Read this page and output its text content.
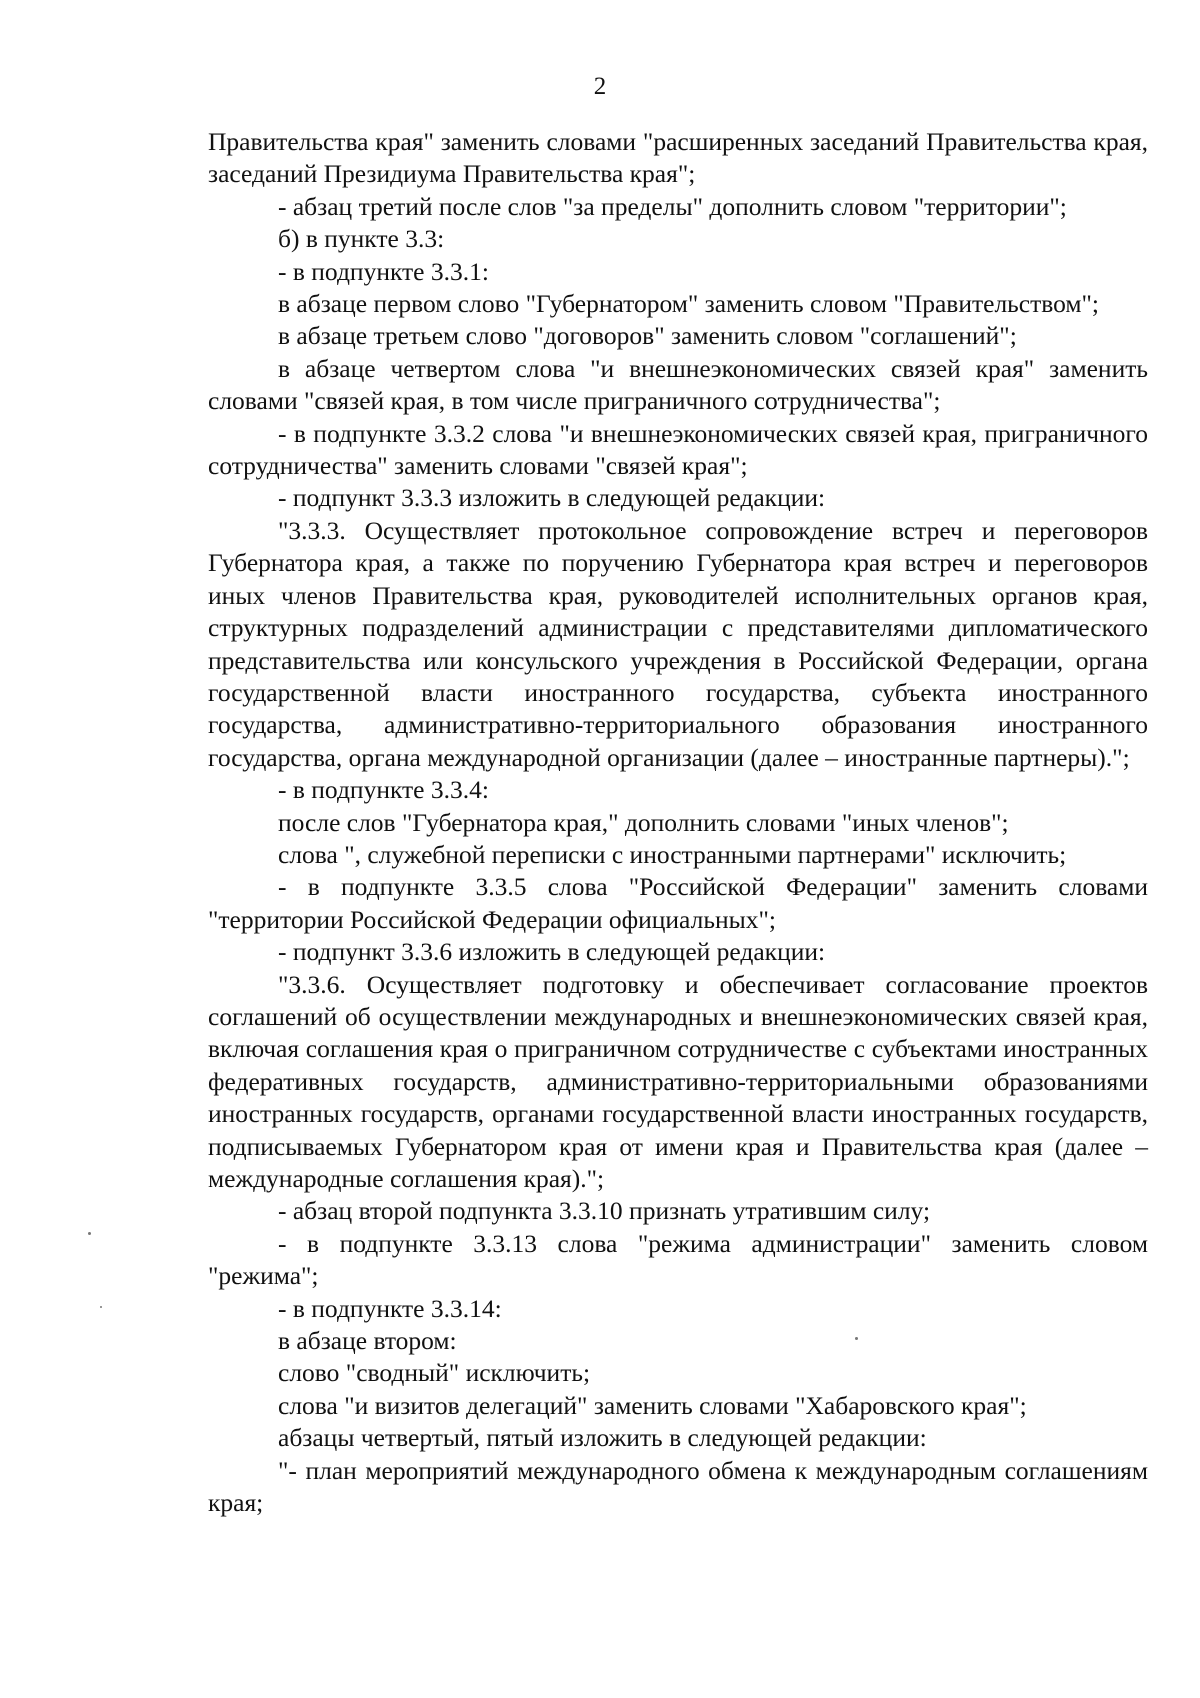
2

Правительства края" заменить словами "расширенных заседаний Правительства края, заседаний Президиума Правительства края";

- абзац третий после слов "за пределы" дополнить словом "территории";

б) в пункте 3.3:

- в подпункте 3.3.1:

в абзаце первом слово "Губернатором" заменить словом "Правительством";

в абзаце третьем слово "договоров" заменить словом "соглашений";

в абзаце четвертом слова "и внешнеэкономических связей края" заменить словами "связей края, в том числе приграничного сотрудничества";

- в подпункте 3.3.2 слова "и внешнеэкономических связей края, приграничного сотрудничества" заменить словами "связей края";

- подпункт 3.3.3 изложить в следующей редакции:

"3.3.3. Осуществляет протокольное сопровождение встреч и переговоров Губернатора края, а также по поручению Губернатора края встреч и переговоров иных членов Правительства края, руководителей исполнительных органов края, структурных подразделений администрации с представителями дипломатического представительства или консульского учреждения в Российской Федерации, органа государственной власти иностранного государства, субъекта иностранного государства, административно-территориального образования иностранного государства, органа международной организации (далее – иностранные партнеры).";

- в подпункте 3.3.4:

после слов "Губернатора края," дополнить словами "иных членов";

слова ", служебной переписки с иностранными партнерами" исключить;

- в подпункте 3.3.5 слова "Российской Федерации" заменить словами "территории Российской Федерации официальных";

- подпункт 3.3.6 изложить в следующей редакции:

"3.3.6. Осуществляет подготовку и обеспечивает согласование проектов соглашений об осуществлении международных и внешнеэкономических связей края, включая соглашения края о приграничном сотрудничестве с субъектами иностранных федеративных государств, административно-территориальными образованиями иностранных государств, органами государственной власти иностранных государств, подписываемых Губернатором края от имени края и Правительства края (далее – международные соглашения края).";

- абзац второй подпункта 3.3.10 признать утратившим силу;

- в подпункте 3.3.13 слова "режима администрации" заменить словом "режима";

- в подпункте 3.3.14:

в абзаце втором:

слово "сводный" исключить;

слова "и визитов делегаций" заменить словами "Хабаровского края";

абзацы четвертый, пятый изложить в следующей редакции:

"- план мероприятий международного обмена к международным соглашениям края;
